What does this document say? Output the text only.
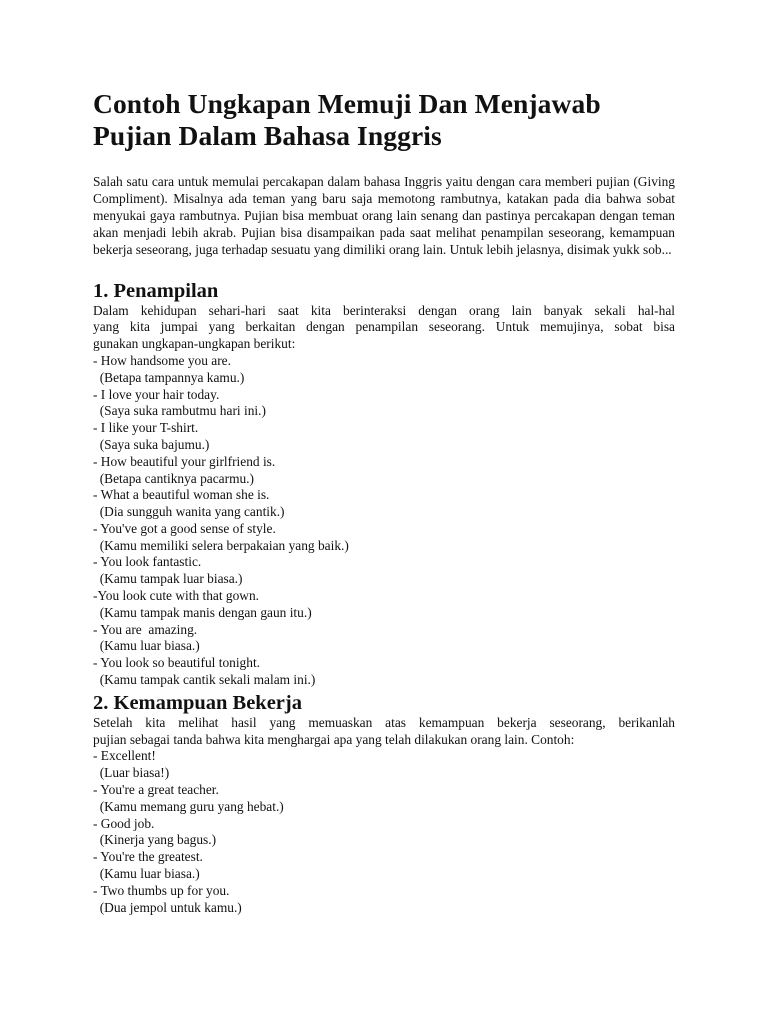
Contoh Ungkapan Memuji Dan Menjawab
Pujian Dalam Bahasa Inggris

Salah satu cara untuk memulai percakapan dalam bahasa Inggris yaitu dengan cara memberi pujian (Giving Compliment). Misalnya ada teman yang baru saja memotong rambutnya, katakan pada dia bahwa sobat menyukai gaya rambutnya. Pujian bisa membuat orang lain senang dan pastinya percakapan dengan teman akan menjadi lebih akrab. Pujian bisa disampaikan pada saat melihat penampilan seseorang, kemampuan bekerja seseorang, juga terhadap sesuatu yang dimiliki orang lain. Untuk lebih jelasnya, disimak yukk sob...

1. Penampilan
Dalam kehidupan sehari-hari saat kita berinteraksi dengan orang lain banyak sekali hal-hal
yang kita jumpai yang berkaitan dengan penampilan seseorang. Untuk memujinya, sobat bisa
gunakan ungkapan-ungkapan berikut:
- How handsome you are.
(Betapa tampannya kamu.)
- I love your hair today.
(Saya suka rambutmu hari ini.)
- I like your T-shirt.
(Saya suka bajumu.)
- How beautiful your girlfriend is.
(Betapa cantiknya pacarmu.)
- What a beautiful woman she is.
(Dia sungguh wanita yang cantik.)
- You've got a good sense of style.
(Kamu memiliki selera berpakaian yang baik.)
- You look fantastic.
(Kamu tampak luar biasa.)
-You look cute with that gown.
(Kamu tampak manis dengan gaun itu.)
- You are  amazing.
(Kamu luar biasa.)
- You look so beautiful tonight.
(Kamu tampak cantik sekali malam ini.)
2. Kemampuan Bekerja
Setelah kita melihat hasil yang memuaskan atas kemampuan bekerja seseorang, berikanlah
pujian sebagai tanda bahwa kita menghargai apa yang telah dilakukan orang lain. Contoh:
- Excellent!
(Luar biasa!)
- You're a great teacher.
(Kamu memang guru yang hebat.)
- Good job.
(Kinerja yang bagus.)
- You're the greatest.
(Kamu luar biasa.)
- Two thumbs up for you.
(Dua jempol untuk kamu.)
